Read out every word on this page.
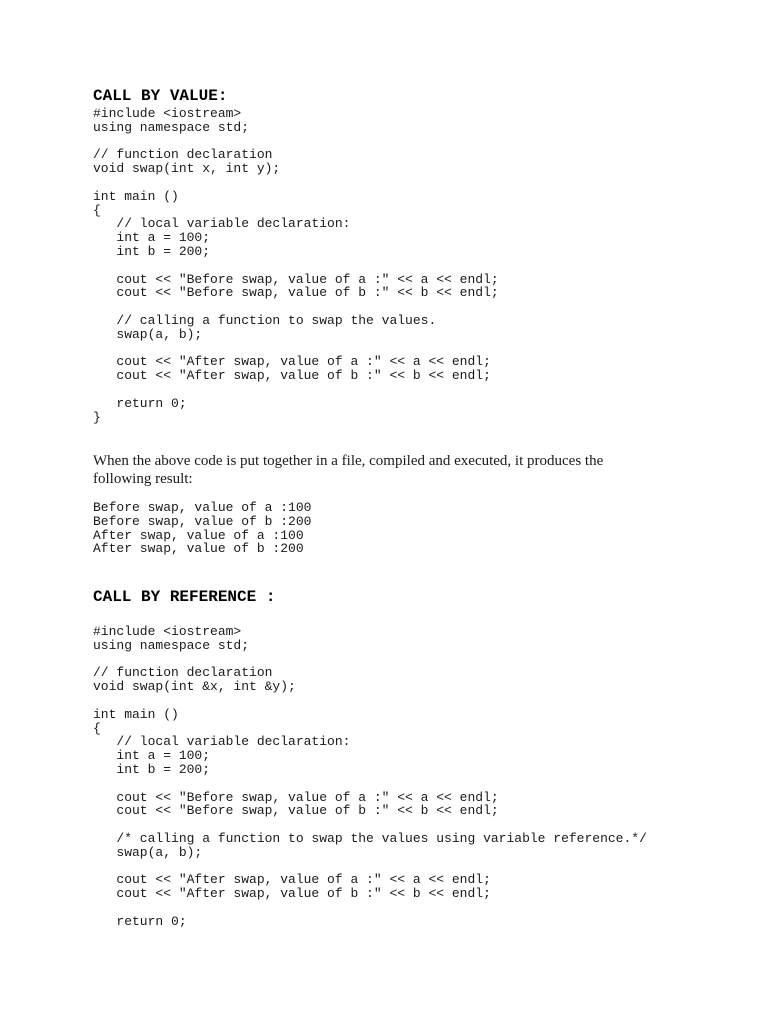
CALL BY VALUE:
#include <iostream>
using namespace std;
// function declaration
void swap(int x, int y);
int main ()
{
// local variable declaration:
int a = 100;
int b = 200;
cout << "Before swap, value of a :" << a << endl;
cout << "Before swap, value of b :" << b << endl;
// calling a function to swap the values.
swap(a, b);
cout << "After swap, value of a :" << a << endl;
cout << "After swap, value of b :" << b << endl;
return 0;
}

When the above code is put together in a file, compiled and executed, it produces the following result:

Before swap, value of a :100
Before swap, value of b :200
After swap, value of a :100
After swap, value of b :200
CALL BY REFERENCE :
#include <iostream>
using namespace std;
// function declaration
void swap(int &x, int &y);
int main ()
{
// local variable declaration:
int a = 100;
int b = 200;
cout << "Before swap, value of a :" << a << endl;
cout << "Before swap, value of b :" << b << endl;
/* calling a function to swap the values using variable reference.*/
swap(a, b);
cout << "After swap, value of a :" << a << endl;
cout << "After swap, value of b :" << b << endl;
return 0;
